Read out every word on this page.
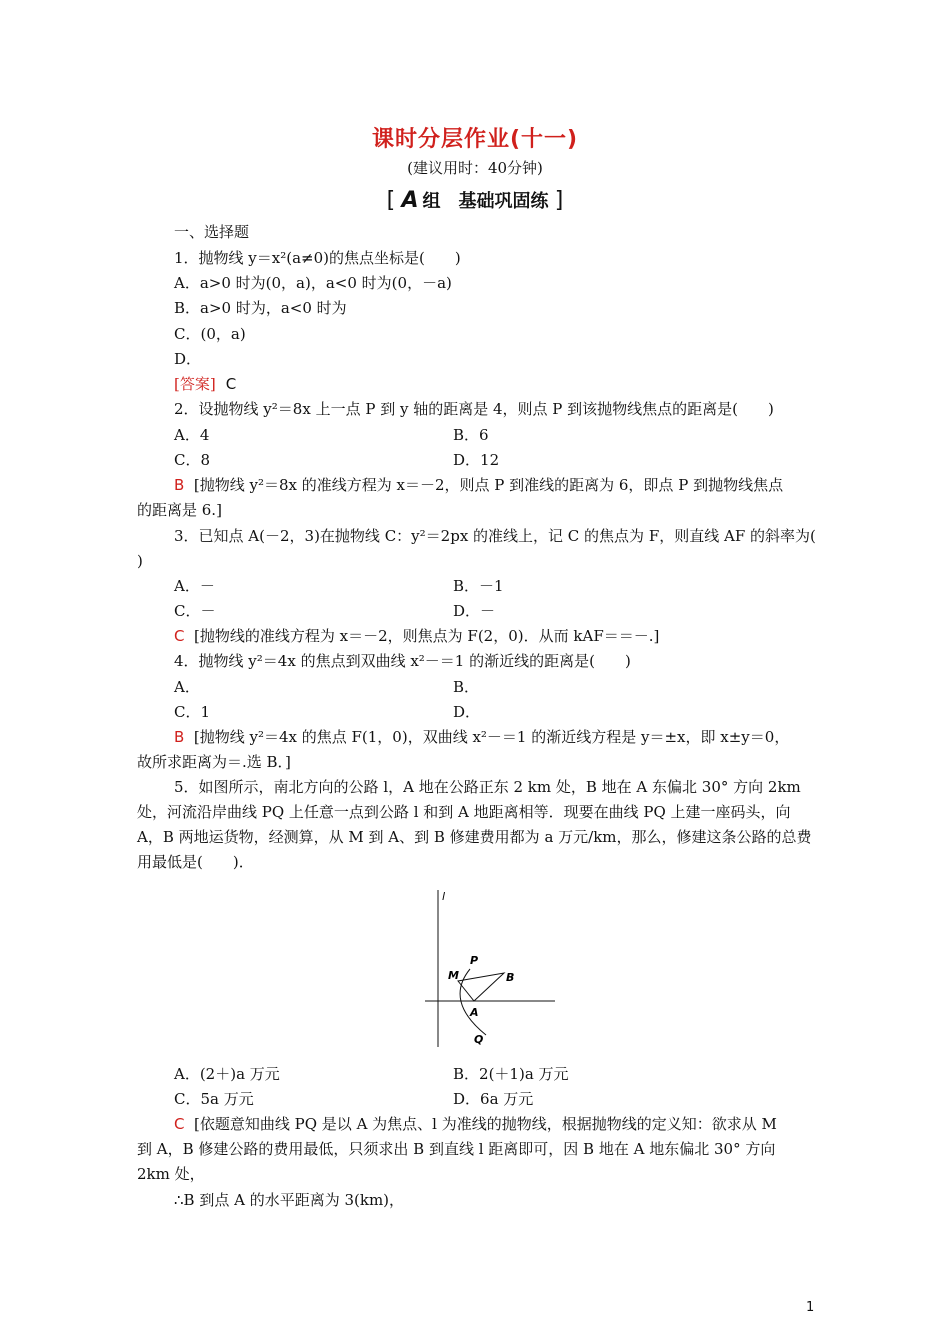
课时分层作业(十一)
(建议用时：40分钟)
[ A 组　基础巩固练 ]
一、选择题
1．抛物线 y＝x²(a≠0)的焦点坐标是(　　)
A．a>0 时为(0，a)，a<0 时为(0，－a)
B．a>0 时为，a<0 时为
C．(0，a)
D．
[答案] C
2．设抛物线 y²＝8x 上一点 P 到 y 轴的距离是 4，则点 P 到该抛物线焦点的距离是(　　)
A．4	B．6
C．8	D．12
B [抛物线 y²＝8x 的准线方程为 x＝－2，则点 P 到准线的距离为 6，即点 P 到抛物线焦点
的距离是 6.]
3．已知点 A(－2，3)在抛物线 C：y²＝2px 的准线上，记 C 的焦点为 F，则直线 AF 的斜率为(
)
A．－	B．－1
C．－	D．－
C [抛物线的准线方程为 x＝－2，则焦点为 F(2，0)．从而 kAF＝＝－.]
4．抛物线 y²＝4x 的焦点到双曲线 x²－＝1 的渐近线的距离是(　　)
A．	B．
C．1	D．
B [抛物线 y²＝4x 的焦点 F(1，0)，双曲线 x²－＝1 的渐近线方程是 y＝±x，即 x±y＝0，
故所求距离为＝.选 B．]
5．如图所示，南北方向的公路 l，A 地在公路正东 2 km 处，B 地在 A 东偏北 30° 方向 2km
处，河流沿岸曲线 PQ 上任意一点到公路 l 和到 A 地距离相等．现要在曲线 PQ 上建一座码头，向
A，B 两地运货物，经测算，从 M 到 A、到 B 修建费用都为 a 万元/km，那么，修建这条公路的总费
用最低是(　　)．
l
P
M	B
A
Q
A．(2＋)a 万元	B．2(＋1)a 万元
C．5a 万元	D．6a 万元
C [依题意知曲线 PQ 是以 A 为焦点、l 为准线的抛物线，根据抛物线的定义知：欲求从 M
到 A，B 修建公路的费用最低，只须求出 B 到直线 l 距离即可，因 B 地在 A 地东偏北 30° 方向
2km 处，
∴B 到点 A 的水平距离为 3(km)，
1
